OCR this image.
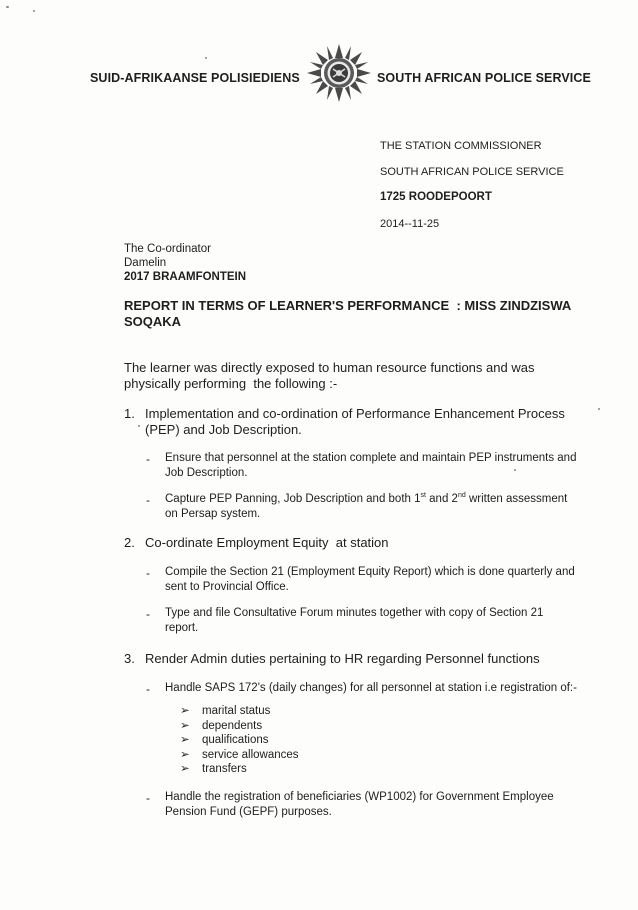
SUID-AFRIKAANSE POLISIEDIENS	SOUTH AFRICAN POLICE SERVICE
THE STATION COMMISSIONER
SOUTH AFRICAN POLICE SERVICE
1725 ROODEPOORT
2014--11-25
The Co-ordinator
Damelin
2017 BRAAMFONTEIN
REPORT IN TERMS OF LEARNER'S PERFORMANCE  : MISS ZINDZISWA
SOQAKA
The learner was directly exposed to human resource functions and was
physically performing  the following :-
1. Implementation and co-ordination of Performance Enhancement Process
(PEP) and Job Description.
- Ensure that personnel at the station complete and maintain PEP instruments and
Job Description.
- Capture PEP Panning, Job Description and both 1st and 2nd written assessment
on Persap system.
2. Co-ordinate Employment Equity  at station
- Compile the Section 21 (Employment Equity Report) which is done quarterly and
sent to Provincial Office.
- Type and file Consultative Forum minutes together with copy of Section 21
report.
3. Render Admin duties pertaining to HR regarding Personnel functions
- Handle SAPS 172's (daily changes) for all personnel at station i.e registration of:-
➢ marital status
➢ dependents
➢ qualifications
➢ service allowances
➢ transfers
- Handle the registration of beneficiaries (WP1002) for Government Employee
Pension Fund (GEPF) purposes.
